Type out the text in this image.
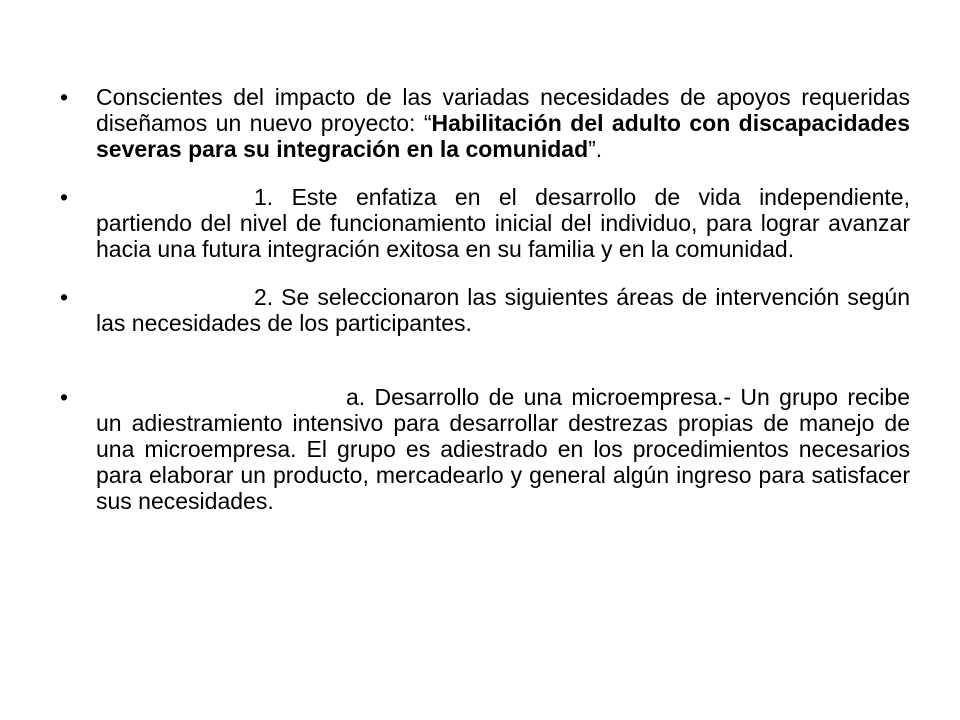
•	Conscientes del impacto de las variadas necesidades de apoyos requeridas diseñamos un nuevo proyecto: “Habilitación del adulto con discapacidades severas para su integración en la comunidad”.
•	1. Este enfatiza en el desarrollo de vida independiente, partiendo del nivel de funcionamiento inicial del individuo, para lograr avanzar hacia una futura integración exitosa en su familia y en la comunidad.
•	2. Se seleccionaron las siguientes áreas de intervención según las necesidades de los participantes.
•	a. Desarrollo de una microempresa.- Un grupo recibe un adiestramiento intensivo para desarrollar destrezas propias de manejo de una microempresa. El grupo es adiestrado en los procedimientos necesarios para elaborar un producto, mercadearlo y general algún ingreso para satisfacer sus necesidades.
